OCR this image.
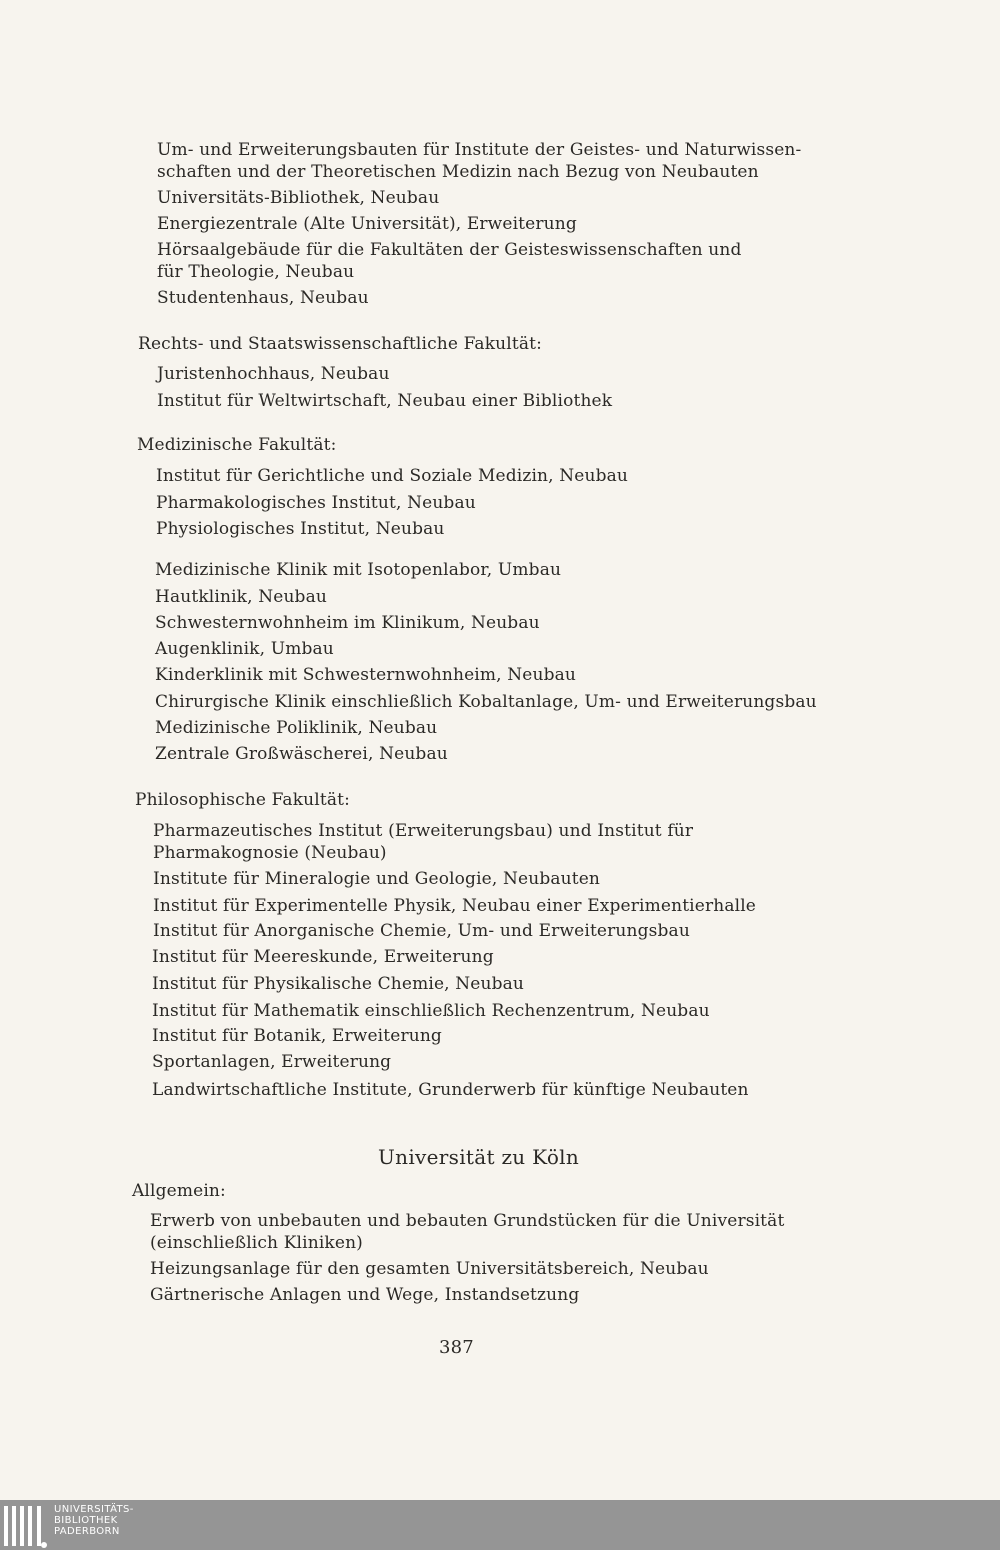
Um- und Erweiterungsbauten für Institute der Geistes- und Naturwissen-
schaften und der Theoretischen Medizin nach Bezug von Neubauten
Universitäts-Bibliothek, Neubau
Energiezentrale (Alte Universität), Erweiterung
Hörsaalgebäude für die Fakultäten der Geisteswissenschaften und
für Theologie, Neubau
Studentenhaus, Neubau
Rechts- und Staatswissenschaftliche Fakultät:
Juristenhochhaus, Neubau
Institut für Weltwirtschaft, Neubau einer Bibliothek
Medizinische Fakultät:
Institut für Gerichtliche und Soziale Medizin, Neubau
Pharmakologisches Institut, Neubau
Physiologisches Institut, Neubau
Medizinische Klinik mit Isotopenlabor, Umbau
Hautklinik, Neubau
Schwesternwohnheim im Klinikum, Neubau
Augenklinik, Umbau
Kinderklinik mit Schwesternwohnheim, Neubau
Chirurgische Klinik einschließlich Kobaltanlage, Um- und Erweiterungsbau
Medizinische Poliklinik, Neubau
Zentrale Großwäscherei, Neubau
Philosophische Fakultät:
Pharmazeutisches Institut (Erweiterungsbau) und Institut für
Pharmakognosie (Neubau)
Institute für Mineralogie und Geologie, Neubauten
Institut für Experimentelle Physik, Neubau einer Experimentierhalle
Institut für Anorganische Chemie, Um- und Erweiterungsbau
Institut für Meereskunde, Erweiterung
Institut für Physikalische Chemie, Neubau
Institut für Mathematik einschließlich Rechenzentrum, Neubau
Institut für Botanik, Erweiterung
Sportanlagen, Erweiterung
Landwirtschaftliche Institute, Grunderwerb für künftige Neubauten
Universität zu Köln
Allgemein:
Erwerb von unbebauten und bebauten Grundstücken für die Universität
(einschließlich Kliniken)
Heizungsanlage für den gesamten Universitätsbereich, Neubau
Gärtnerische Anlagen und Wege, Instandsetzung
387
UNIVERSITÄTS-
BIBLIOTHEK
PADERBORN
